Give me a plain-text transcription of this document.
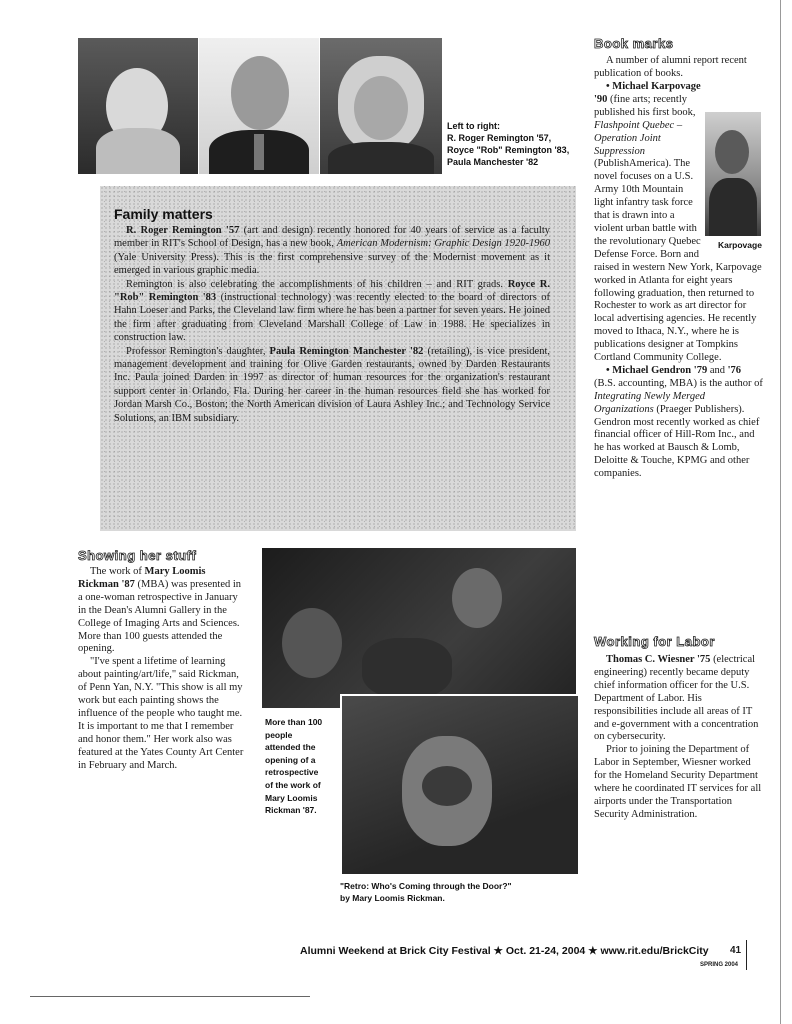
Left to right:
R. Roger Remington '57,
Royce "Rob" Remington '83,
Paula Manchester '82
Family matters

R. Roger Remington '57 (art and design) recently honored for 40 years of service as a faculty member in RIT's School of Design, has a new book, American Modernism: Graphic Design 1920-1960 (Yale University Press). This is the first comprehensive survey of the Modernist movement as it emerged in various graphic media.

Remington is also celebrating the accomplishments of his children – and RIT grads. Royce R. "Rob" Remington '83 (instructional technology) was recently elected to the board of directors of Hahn Loeser and Parks, the Cleveland law firm where he has been a partner for seven years. He joined the firm after graduating from Cleveland Marshall College of Law in 1988. He specializes in construction law.

Professor Remington's daughter, Paula Remington Manchester '82 (retailing), is vice president, management development and training for Olive Garden restaurants, owned by Darden Restaurants Inc. Paula joined Darden in 1997 as director of human resources for the organization's restaurant support center in Orlando, Fla. During her career in the human resources field she has worked for Jordan Marsh Co., Boston; the North American division of Laura Ashley Inc.; and Technology Service Solutions, an IBM subsidiary.

Showing her stuff

The work of Mary Loomis Rickman '87 (MBA) was presented in a one-woman retrospective in January in the Dean's Alumni Gallery in the College of Imaging Arts and Sciences. More than 100 guests attended the opening.

"I've spent a lifetime of learning about painting/art/life," said Rickman, of Penn Yan, N.Y. "This show is all my work but each painting shows the influence of the people who taught me. It is important to me that I remember and honor them." Her work also was featured at the Yates County Art Center in February and March.

More than 100 people attended the opening of a retrospective of the work of Mary Loomis Rickman '87.
"Retro: Who's Coming through the Door?"
by Mary Loomis Rickman.
Book marks
Karpovage

A number of alumni report recent publication of books.

• Michael Karpovage '90 (fine arts; recently published his first book, Flashpoint Quebec – Operation Joint Suppression (PublishAmerica). The novel focuses on a U.S. Army 10th Mountain light infantry task force that is drawn into a violent urban battle with the revolutionary Quebec Defense Force. Born and raised in western New York, Karpovage worked in Atlanta for eight years following graduation, then returned to Rochester to work as art director for local advertising agencies. He recently moved to Ithaca, N.Y., where he is publications designer at Tompkins Cortland Community College.

• Michael Gendron '79 and '76 (B.S. accounting, MBA) is the author of Integrating Newly Merged Organizations (Praeger Publishers). Gendron most recently worked as chief financial officer of Hill-Rom Inc., and he has worked at Bausch & Lomb, Deloitte & Touche, KPMG and other companies.

Working for Labor

Thomas C. Wiesner '75 (electrical engineering) recently became deputy chief information officer for the U.S. Department of Labor. His responsibilities include all areas of IT and e-government with a concentration on cybersecurity.

Prior to joining the Department of Labor in September, Wiesner worked for the Homeland Security Department where he coordinated IT services for all airports under the Transportation Security Administration.

Alumni Weekend at Brick City Festival ★ Oct. 21-24, 2004 ★ www.rit.edu/BrickCity 41
SPRING 2004
